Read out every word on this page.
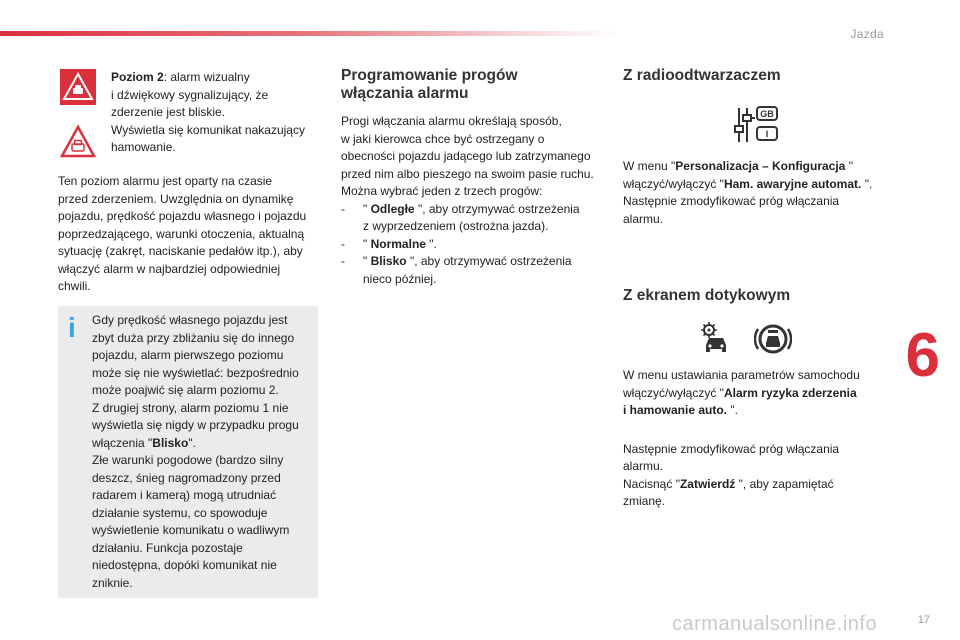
Jazda
6
17
carmanualsonline.info

Poziom 2: alarm wizualny

i dźwiękowy sygnalizujący, że

zderzenie jest bliskie.

Wyświetla się komunikat nakazujący

hamowanie.

Ten poziom alarmu jest oparty na czasie

przed zderzeniem. Uwzględnia on dynamikę

pojazdu, prędkość pojazdu własnego i pojazdu

poprzedzającego, warunki otoczenia, aktualną

sytuację (zakręt, naciskanie pedałów itp.), aby

włączyć alarm w najbardziej odpowiedniej

chwili.

i Gdy prędkość własnego pojazdu jest

zbyt duża przy zbliżaniu się do innego

pojazdu, alarm pierwszego poziomu

może się nie wyświetlać: bezpośrednio

może poajwić się alarm poziomu 2.

Z drugiej strony, alarm poziomu 1 nie

wyświetla się nigdy w przypadku progu

włączenia "Blisko".

Złe warunki pogodowe (bardzo silny

deszcz, śnieg nagromadzony przed

radarem i kamerą) mogą utrudniać

działanie systemu, co spowoduje

wyświetlenie komunikatu o wadliwym

działaniu. Funkcja pozostaje

niedostępna, dopóki komunikat nie

zniknie.

Programowanie progów

włączania alarmu

Progi włączania alarmu określają sposób,

w jaki kierowca chce być ostrzegany o

obecności pojazdu jadącego lub zatrzymanego

przed nim albo pieszego na swoim pasie ruchu.

Można wybrać jeden z trzech progów:

- " Odległe ", aby otrzymywać ostrzeżenia
z wyprzedzeniem (ostrożna jazda).
- " Normalne ".
- " Blisko ", aby otrzymywać ostrzeżenia
nieco później.

Z radioodtwarzaczem

GB
I

W menu "Personalizacja – Konfiguracja "

włączyć/wyłączyć "Ham. awaryjne automat. ".

Następnie zmodyfikować próg włączania

alarmu.

Z ekranem dotykowym

W menu ustawiania parametrów samochodu

włączyć/wyłączyć "Alarm ryzyka zderzenia

i hamowanie auto. ".

Następnie zmodyfikować próg włączania

alarmu.

Nacisnąć "Zatwierdź ", aby zapamiętać

zmianę.
